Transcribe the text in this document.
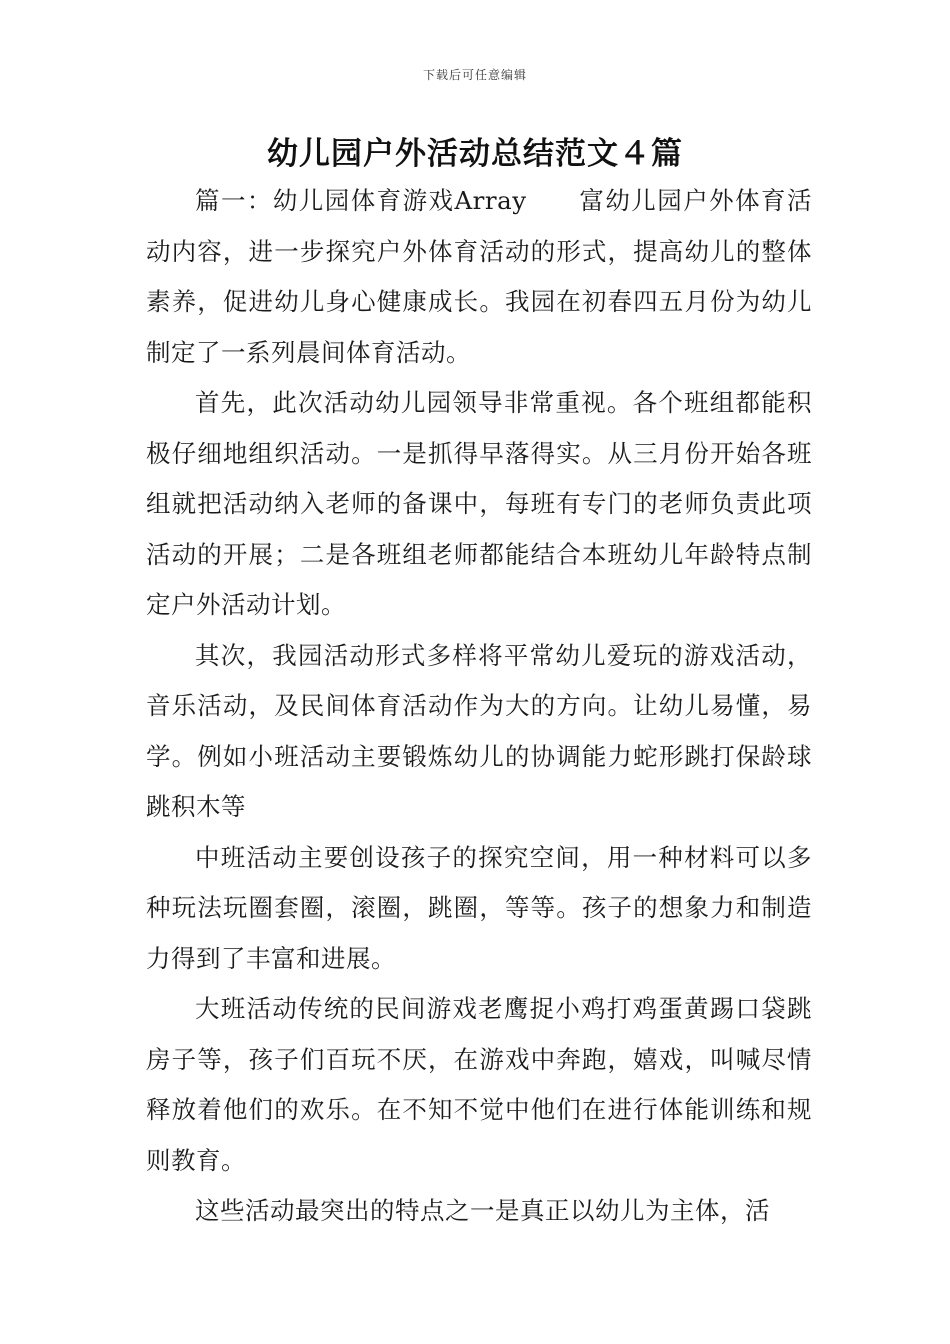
下载后可任意编辑
幼儿园户外活动总结范文４篇

篇一：幼儿园体育游戏Array　　富幼儿园户外体育活动内容，进一步探究户外体育活动的形式，提高幼儿的整体素养，促进幼儿身心健康成长。我园在初春四五月份为幼儿制定了一系列晨间体育活动。

首先，此次活动幼儿园领导非常重视。各个班组都能积极仔细地组织活动。一是抓得早落得实。从三月份开始各班组就把活动纳入老师的备课中，每班有专门的老师负责此项活动的开展；二是各班组老师都能结合本班幼儿年龄特点制定户外活动计划。

其次，我园活动形式多样将平常幼儿爱玩的游戏活动，音乐活动，及民间体育活动作为大的方向。让幼儿易懂，易学。例如小班活动主要锻炼幼儿的协调能力蛇形跳打保龄球跳积木等

中班活动主要创设孩子的探究空间，用一种材料可以多种玩法玩圈套圈，滚圈，跳圈，等等。孩子的想象力和制造力得到了丰富和进展。

大班活动传统的民间游戏老鹰捉小鸡打鸡蛋黄踢口袋跳房子等，孩子们百玩不厌，在游戏中奔跑，嬉戏，叫喊尽情释放着他们的欢乐。在不知不觉中他们在进行体能训练和规则教育。

这些活动最突出的特点之一是真正以幼儿为主体，活
